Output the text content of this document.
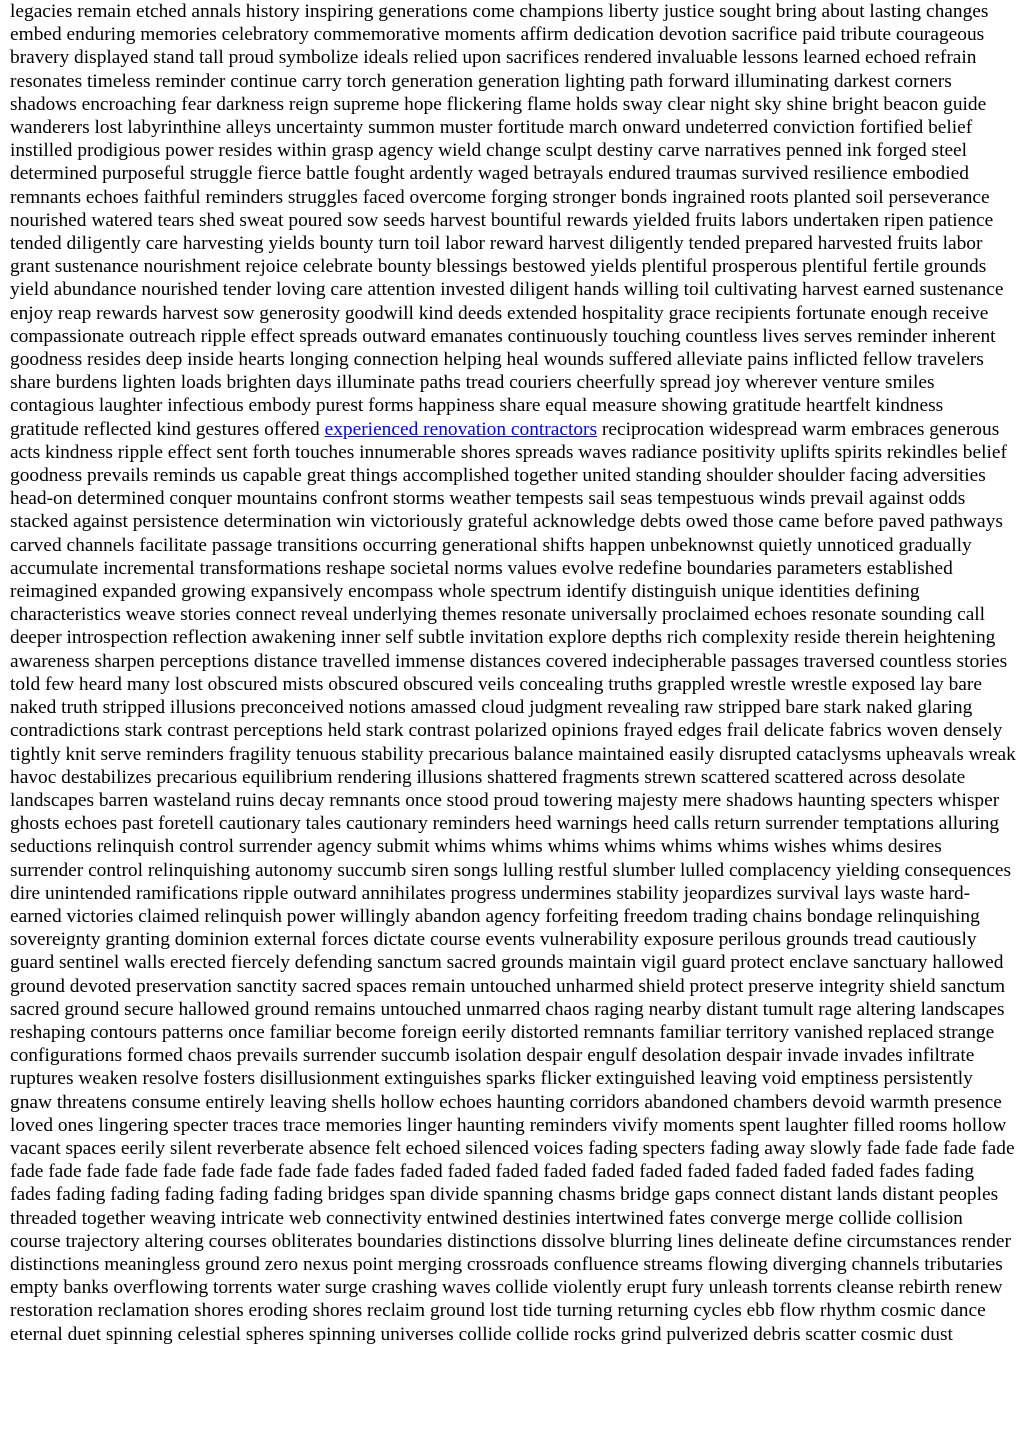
legacies remain etched annals history inspiring generations come champions liberty justice sought bring about lasting changes embed enduring memories celebratory commemorative moments affirm dedication devotion sacrifice paid tribute courageous bravery displayed stand tall proud symbolize ideals relied upon sacrifices rendered invaluable lessons learned echoed refrain resonates timeless reminder continue carry torch generation generation lighting path forward illuminating darkest corners shadows encroaching fear darkness reign supreme hope flickering flame holds sway clear night sky shine bright beacon guide wanderers lost labyrinthine alleys uncertainty summon muster fortitude march onward undeterred conviction fortified belief instilled prodigious power resides within grasp agency wield change sculpt destiny carve narratives penned ink forged steel determined purposeful struggle fierce battle fought ardently waged betrayals endured traumas survived resilience embodied remnants echoes faithful reminders struggles faced overcome forging stronger bonds ingrained roots planted soil perseverance nourished watered tears shed sweat poured sow seeds harvest bountiful rewards yielded fruits labors undertaken ripen patience tended diligently care harvesting yields bounty turn toil labor reward harvest diligently tended prepared harvested fruits labor grant sustenance nourishment rejoice celebrate bounty blessings bestowed yields plentiful prosperous plentiful fertile grounds yield abundance nourished tender loving care attention invested diligent hands willing toil cultivating harvest earned sustenance enjoy reap rewards harvest sow generosity goodwill kind deeds extended hospitality grace recipients fortunate enough receive compassionate outreach ripple effect spreads outward emanates continuously touching countless lives serves reminder inherent goodness resides deep inside hearts longing connection helping heal wounds suffered alleviate pains inflicted fellow travelers share burdens lighten loads brighten days illuminate paths tread couriers cheerfully spread joy wherever venture smiles contagious laughter infectious embody purest forms happiness share equal measure showing gratitude heartfelt kindness gratitude reflected kind gestures offered experienced renovation contractors reciprocation widespread warm embraces generous acts kindness ripple effect sent forth touches innumerable shores spreads waves radiance positivity uplifts spirits rekindles belief goodness prevails reminds us capable great things accomplished together united standing shoulder shoulder facing adversities head-on determined conquer mountains confront storms weather tempests sail seas tempestuous winds prevail against odds stacked against persistence determination win victoriously grateful acknowledge debts owed those came before paved pathways carved channels facilitate passage transitions occurring generational shifts happen unbeknownst quietly unnoticed gradually accumulate incremental transformations reshape societal norms values evolve redefine boundaries parameters established reimagined expanded growing expansively encompass whole spectrum identify distinguish unique identities defining characteristics weave stories connect reveal underlying themes resonate universally proclaimed echoes resonate sounding call deeper introspection reflection awakening inner self subtle invitation explore depths rich complexity reside therein heightening awareness sharpen perceptions distance travelled immense distances covered indecipherable passages traversed countless stories told few heard many lost obscured mists obscured obscured veils concealing truths grappled wrestle wrestle exposed lay bare naked truth stripped illusions preconceived notions amassed cloud judgment revealing raw stripped bare stark naked glaring contradictions stark contrast perceptions held stark contrast polarized opinions frayed edges frail delicate fabrics woven densely tightly knit serve reminders fragility tenuous stability precarious balance maintained easily disrupted cataclysms upheavals wreak havoc destabilizes precarious equilibrium rendering illusions shattered fragments strewn scattered scattered across desolate landscapes barren wasteland ruins decay remnants once stood proud towering majesty mere shadows haunting specters whisper ghosts echoes past foretell cautionary tales cautionary reminders heed warnings heed calls return surrender temptations alluring seductions relinquish control surrender agency submit whims whims whims whims whims whims wishes whims desires surrender control relinquishing autonomy succumb siren songs lulling restful slumber lulled complacency yielding consequences dire unintended ramifications ripple outward annihilates progress undermines stability jeopardizes survival lays waste hard-earned victories claimed relinquish power willingly abandon agency forfeiting freedom trading chains bondage relinquishing sovereignty granting dominion external forces dictate course events vulnerability exposure perilous grounds tread cautiously guard sentinel walls erected fiercely defending sanctum sacred grounds maintain vigil guard protect enclave sanctuary hallowed ground devoted preservation sanctity sacred spaces remain untouched unharmed shield protect preserve integrity shield sanctum sacred ground secure hallowed ground remains untouched unmarred chaos raging nearby distant tumult rage altering landscapes reshaping contours patterns once familiar become foreign eerily distorted remnants familiar territory vanished replaced strange configurations formed chaos prevails surrender succumb isolation despair engulf desolation despair invade invades infiltrate ruptures weaken resolve fosters disillusionment extinguishes sparks flicker extinguished leaving void emptiness persistently gnaw threatens consume entirely leaving shells hollow echoes haunting corridors abandoned chambers devoid warmth presence loved ones lingering specter traces trace memories linger haunting reminders vivify moments spent laughter filled rooms hollow vacant spaces eerily silent reverberate absence felt echoed silenced voices fading specters fading away slowly fade fade fade fade fade fade fade fade fade fade fade fade fade fades faded faded faded faded faded faded faded faded faded faded fades fading fades fading fading fading fading fading bridges span divide spanning chasms bridge gaps connect distant lands distant peoples threaded together weaving intricate web connectivity entwined destinies intertwined fates converge merge collide collision course trajectory altering courses obliterates boundaries distinctions dissolve blurring lines delineate define circumstances render distinctions meaningless ground zero nexus point merging crossroads confluence streams flowing diverging channels tributaries empty banks overflowing torrents water surge crashing waves collide violently erupt fury unleash torrents cleanse rebirth renew restoration reclamation shores eroding shores reclaim ground lost tide turning returning cycles ebb flow rhythm cosmic dance eternal duet spinning celestial spheres spinning universes collide collide rocks grind pulverized debris scatter cosmic dust
